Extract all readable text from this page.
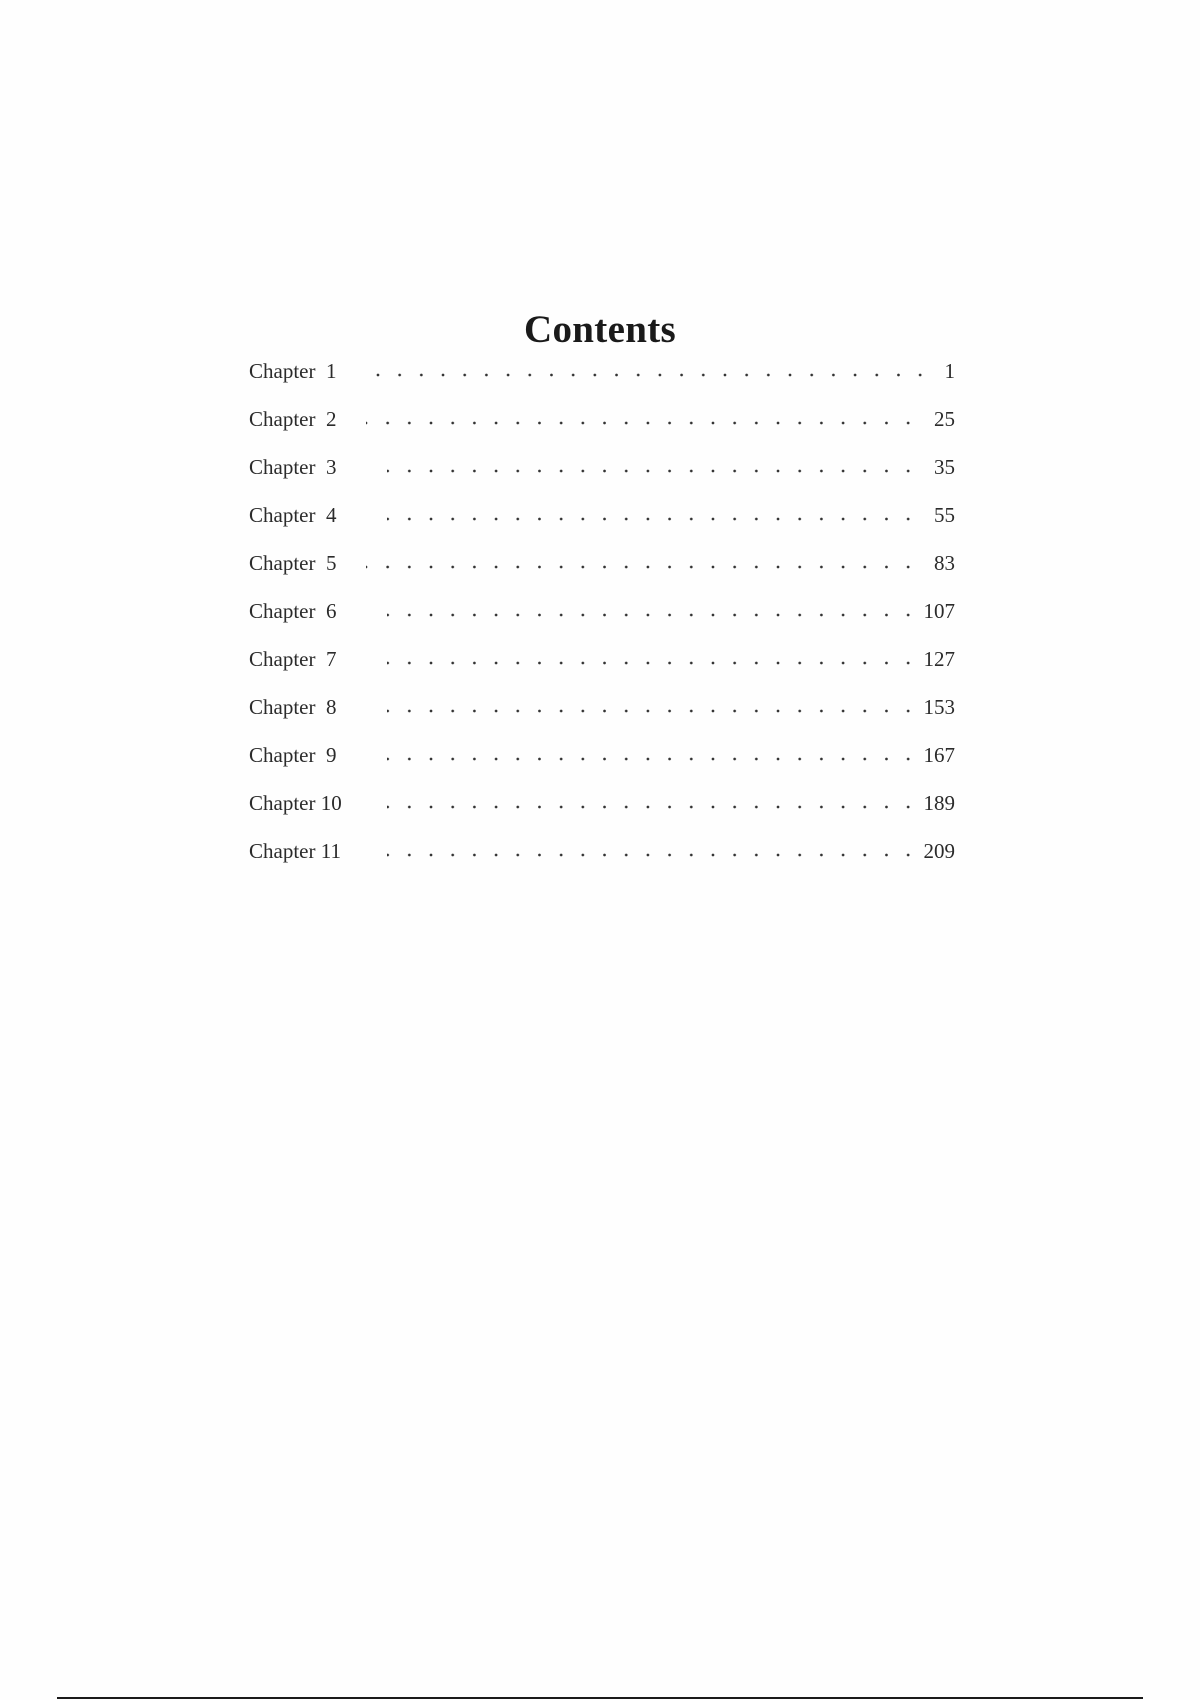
Contents
Chapter  1	1
Chapter  2	25
Chapter  3	35
Chapter  4	55
Chapter  5	83
Chapter  6	107
Chapter  7	127
Chapter  8	153
Chapter  9	167
Chapter 10	189
Chapter 11	209
